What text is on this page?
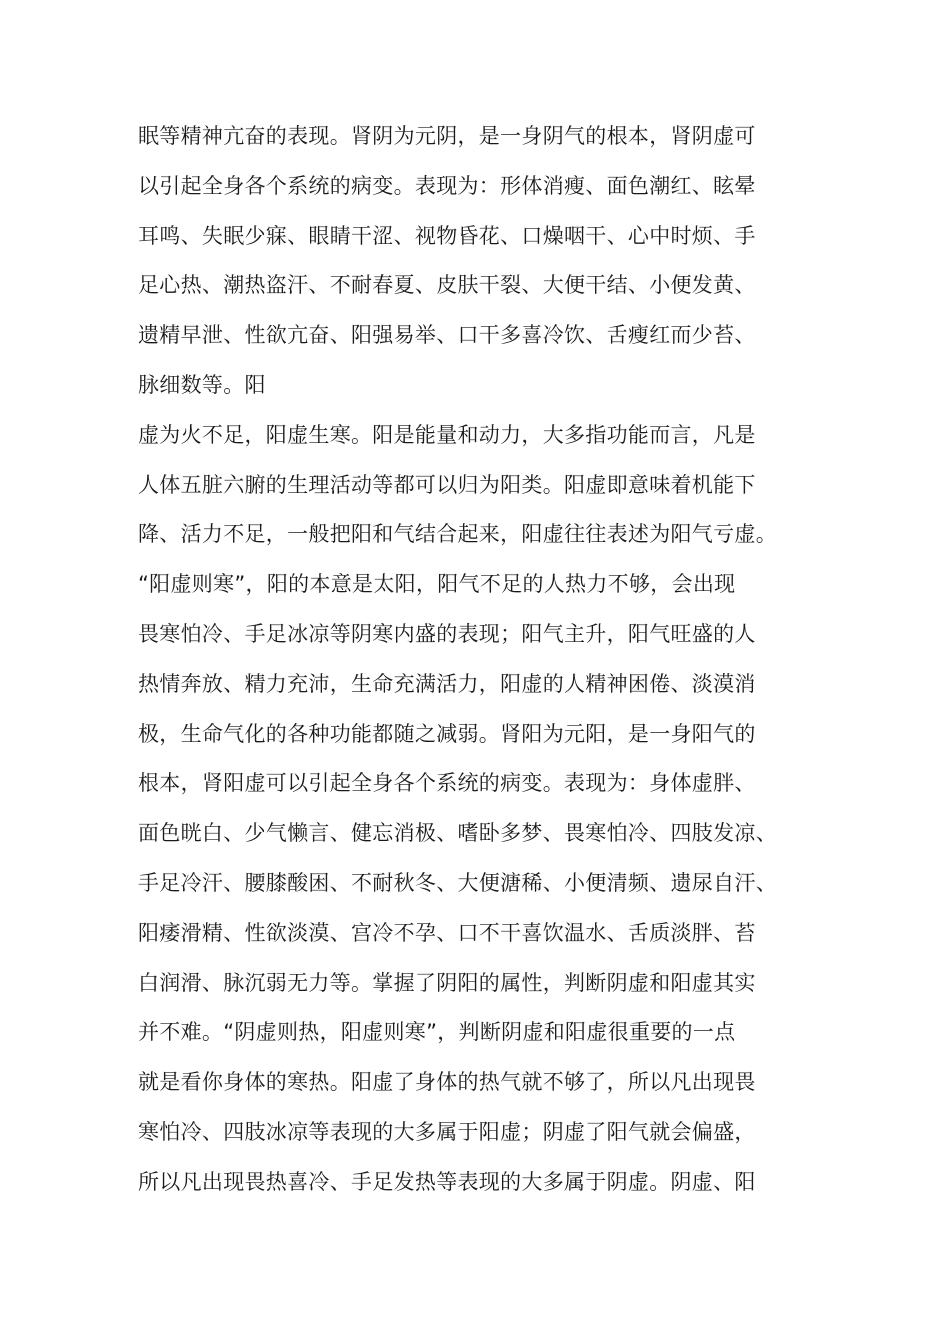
眠等精神亢奋的表现。肾阴为元阴，是一身阴气的根本，肾阴虚可
以引起全身各个系统的病变。表现为：形体消瘦、面色潮红、眩晕
耳鸣、失眠少寐、眼睛干涩、视物昏花、口燥咽干、心中时烦、手
足心热、潮热盗汗、不耐春夏、皮肤干裂、大便干结、小便发黄、
遗精早泄、性欲亢奋、阳强易举、口干多喜冷饮、舌瘦红而少苔、
脉细数等。阳
虚为火不足，阳虚生寒。阳是能量和动力，大多指功能而言，凡是
人体五脏六腑的生理活动等都可以归为阳类。阳虚即意味着机能下
降、活力不足，一般把阳和气结合起来，阳虚往往表述为阳气亏虚。
“阳虚则寒”，阳的本意是太阳，阳气不足的人热力不够，会出现
畏寒怕冷、手足冰凉等阴寒内盛的表现；阳气主升，阳气旺盛的人
热情奔放、精力充沛，生命充满活力，阳虚的人精神困倦、淡漠消
极，生命气化的各种功能都随之减弱。肾阳为元阳，是一身阳气的
根本，肾阳虚可以引起全身各个系统的病变。表现为：身体虚胖、
面色晄白、少气懒言、健忘消极、嗜卧多梦、畏寒怕冷、四肢发凉、
手足冷汗、腰膝酸困、不耐秋冬、大便溏稀、小便清频、遗尿自汗、
阳痿滑精、性欲淡漠、宫冷不孕、口不干喜饮温水、舌质淡胖、苔
白润滑、脉沉弱无力等。掌握了阴阳的属性，判断阴虚和阳虚其实
并不难。“阴虚则热，阳虚则寒”，判断阴虚和阳虚很重要的一点
就是看你身体的寒热。阳虚了身体的热气就不够了，所以凡出现畏
寒怕冷、四肢冰凉等表现的大多属于阳虚；阴虚了阳气就会偏盛，
所以凡出现畏热喜冷、手足发热等表现的大多属于阴虚。阴虚、阳
